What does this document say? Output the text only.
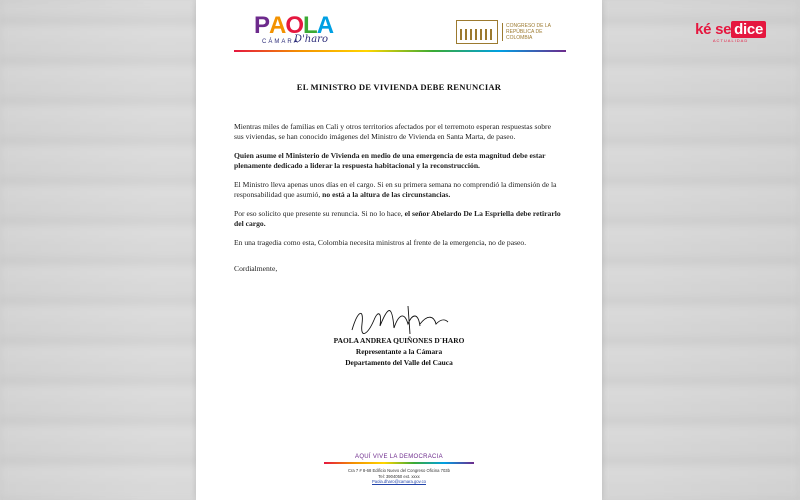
ké se dice
ACTUALIDAD
PAOLA
CÁMARA
D'haro
CONGRESO DE LA REPÚBLICA DE COLOMBIA
EL MINISTRO DE VIVIENDA DEBE RENUNCIAR

Mientras miles de familias en Cali y otros territorios afectados por el terremoto esperan respuestas sobre sus viviendas, se han conocido imágenes del Ministro de Vivienda en Santa Marta, de paseo.

Quien asume el Ministerio de Vivienda en medio de una emergencia de esta magnitud debe estar plenamente dedicado a liderar la respuesta habitacional y la reconstrucción.

El Ministro lleva apenas unos días en el cargo. Si en su primera semana no comprendió la dimensión de la responsabilidad que asumió, no está a la altura de las circunstancias.

Por eso solicito que presente su renuncia. Si no lo hace, el señor Abelardo De La Espriella debe retirarlo del cargo.

En una tragedia como esta, Colombia necesita ministros al frente de la emergencia, no de paseo.

Cordialmente,
PAOLA ANDREA QUIÑONES D´HARO
Representante a la Cámara
Departamento del Valle del Cauca
AQUÍ VIVE LA DEMOCRACIA
Cra 7 # 8-68 Edificio Nuevo del Congreso Oficina 703b
Tel: 3904050 ext. xxxx
Paola.dharo@camara.gov.co
